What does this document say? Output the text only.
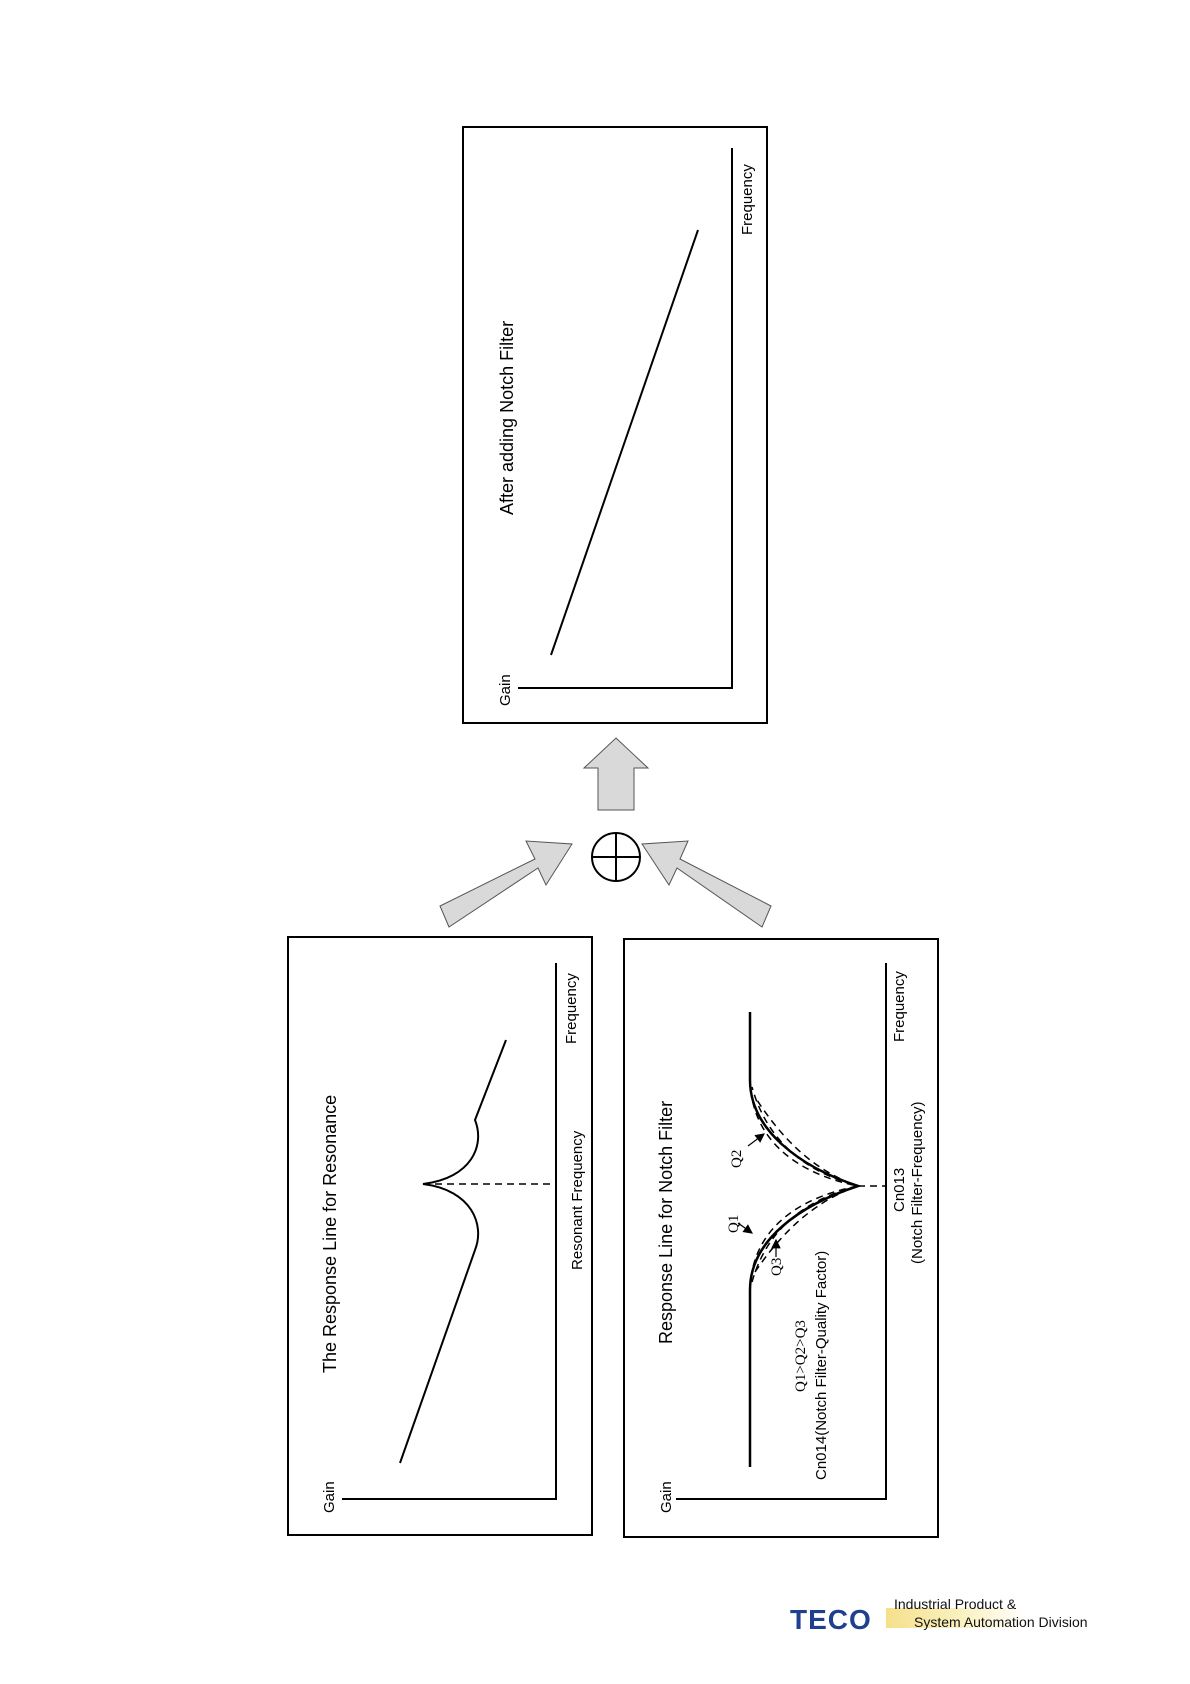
After adding Notch Filter
Gain
Frequency
The Response Line for Resonance
Gain
Frequency
Resonant Frequency	Q1
Q2
Q3
Response Line for Notch Filter
Gain
Frequency
Q1>Q2>Q3 Cn014(Notch Filter-Quality Factor)
Cn013 (Notch Filter-Frequency)
TECO Industrial Product &
System Automation Division
